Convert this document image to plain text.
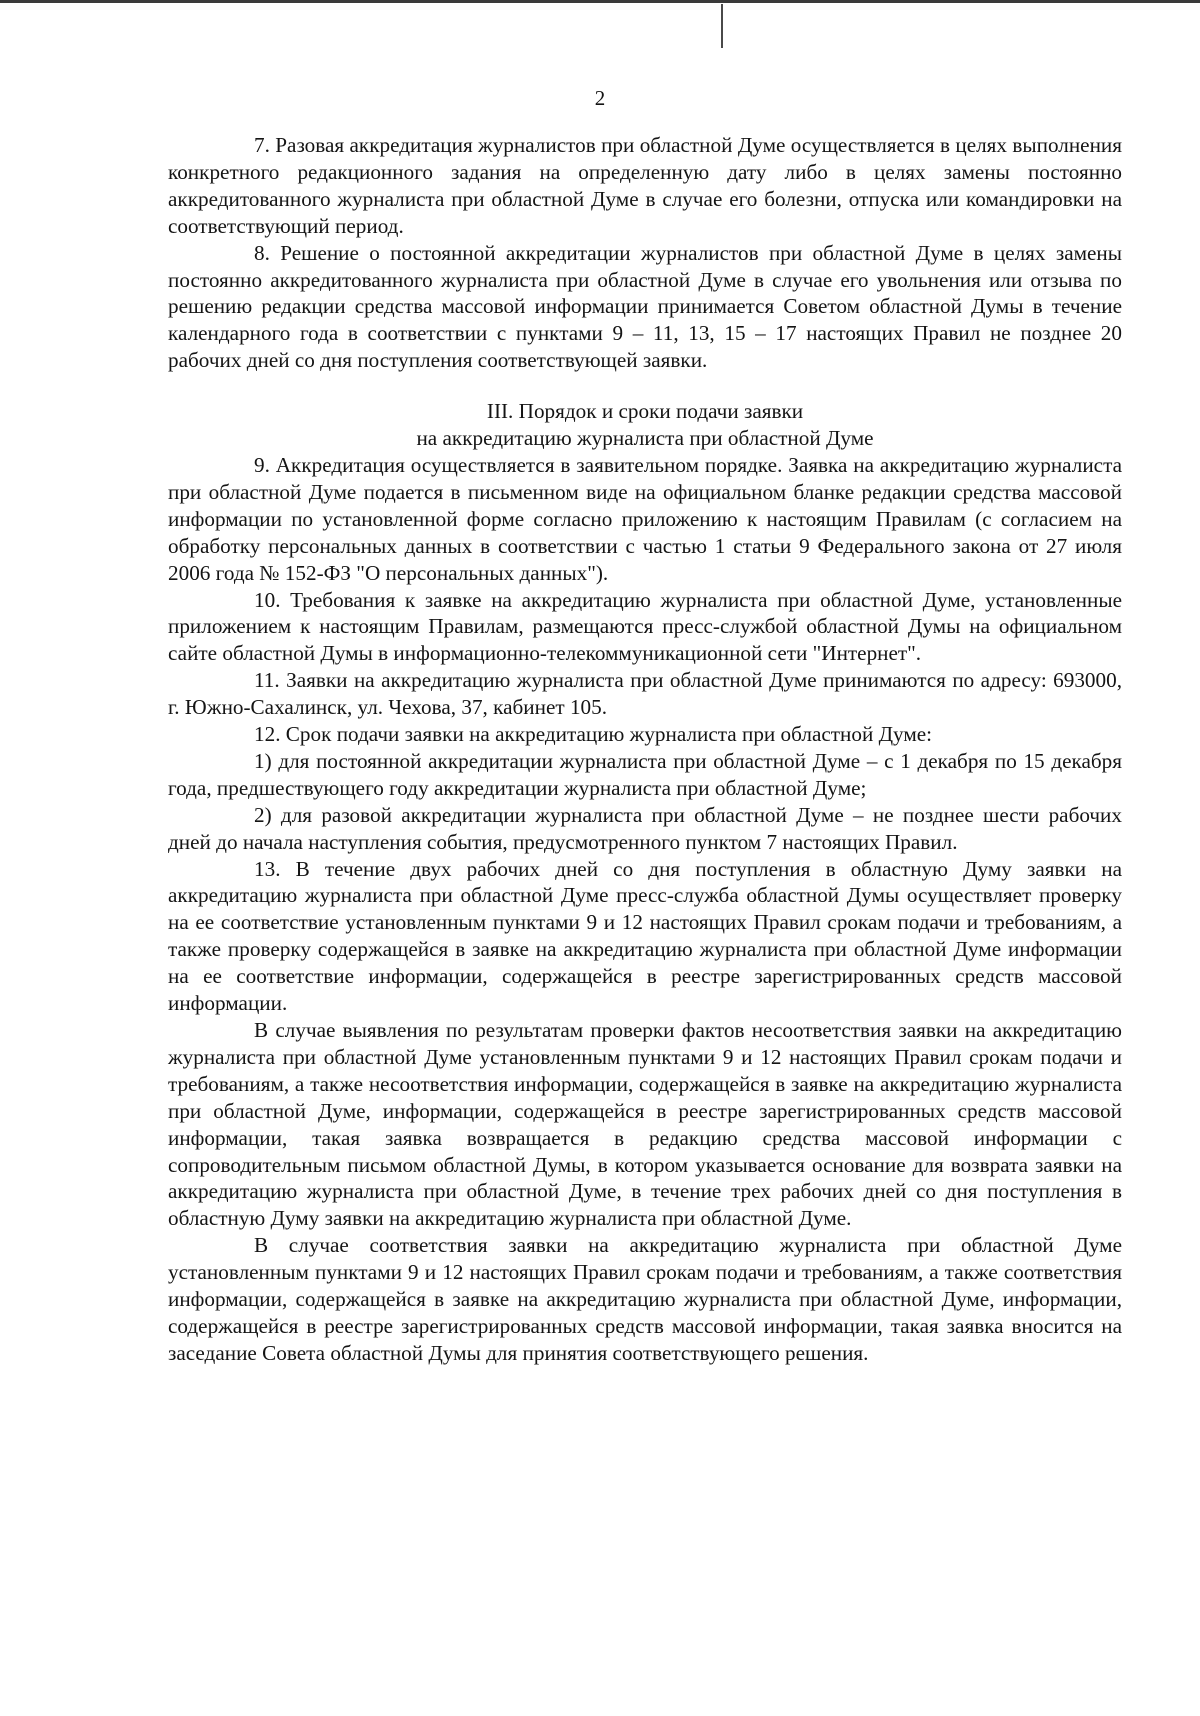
2

7. Разовая аккредитация журналистов при областной Думе осуществляется в целях выполнения конкретного редакционного задания на определенную дату либо в целях замены постоянно аккредитованного журналиста при областной Думе в случае его болезни, отпуска или командировки на соответствующий период.

8. Решение о постоянной аккредитации журналистов при областной Думе в целях замены постоянно аккредитованного журналиста при областной Думе в случае его увольнения или отзыва по решению редакции средства массовой информации принимается Советом областной Думы в течение календарного года в соответствии с пунктами 9 – 11, 13, 15 – 17 настоящих Правил не позднее 20 рабочих дней со дня поступления соответствующей заявки.

III. Порядок и сроки подачи заявки
на аккредитацию журналиста при областной Думе

9. Аккредитация осуществляется в заявительном порядке. Заявка на аккредитацию журналиста при областной Думе подается в письменном виде на официальном бланке редакции средства массовой информации по установленной форме согласно приложению к настоящим Правилам (с согласием на обработку персональных данных в соответствии с частью 1 статьи 9 Федерального закона от 27 июля 2006 года № 152-ФЗ "О персональных данных").

10. Требования к заявке на аккредитацию журналиста при областной Думе, установленные приложением к настоящим Правилам, размещаются пресс-службой областной Думы на официальном сайте областной Думы в информационно-телекоммуникационной сети "Интернет".

11. Заявки на аккредитацию журналиста при областной Думе принимаются по адресу: 693000, г. Южно-Сахалинск, ул. Чехова, 37, кабинет 105.

12. Срок подачи заявки на аккредитацию журналиста при областной Думе:

1) для постоянной аккредитации журналиста при областной Думе – с 1 декабря по 15 декабря года, предшествующего году аккредитации журналиста при областной Думе;

2) для разовой аккредитации журналиста при областной Думе – не позднее шести рабочих дней до начала наступления события, предусмотренного пунктом 7 настоящих Правил.

13. В течение двух рабочих дней со дня поступления в областную Думу заявки на аккредитацию журналиста при областной Думе пресс-служба областной Думы осуществляет проверку на ее соответствие установленным пунктами 9 и 12 настоящих Правил срокам подачи и требованиям, а также проверку содержащейся в заявке на аккредитацию журналиста при областной Думе информации на ее соответствие информации, содержащейся в реестре зарегистрированных средств массовой информации.

В случае выявления по результатам проверки фактов несоответствия заявки на аккредитацию журналиста при областной Думе установленным пунктами 9 и 12 настоящих Правил срокам подачи и требованиям, а также несоответствия информации, содержащейся в заявке на аккредитацию журналиста при областной Думе, информации, содержащейся в реестре зарегистрированных средств массовой информации, такая заявка возвращается в редакцию средства массовой информации с сопроводительным письмом областной Думы, в котором указывается основание для возврата заявки на аккредитацию журналиста при областной Думе, в течение трех рабочих дней со дня поступления в областную Думу заявки на аккредитацию журналиста при областной Думе.

В случае соответствия заявки на аккредитацию журналиста при областной Думе установленным пунктами 9 и 12 настоящих Правил срокам подачи и требованиям, а также соответствия информации, содержащейся в заявке на аккредитацию журналиста при областной Думе, информации, содержащейся в реестре зарегистрированных средств массовой информации, такая заявка вносится на заседание Совета областной Думы для принятия соответствующего решения.
